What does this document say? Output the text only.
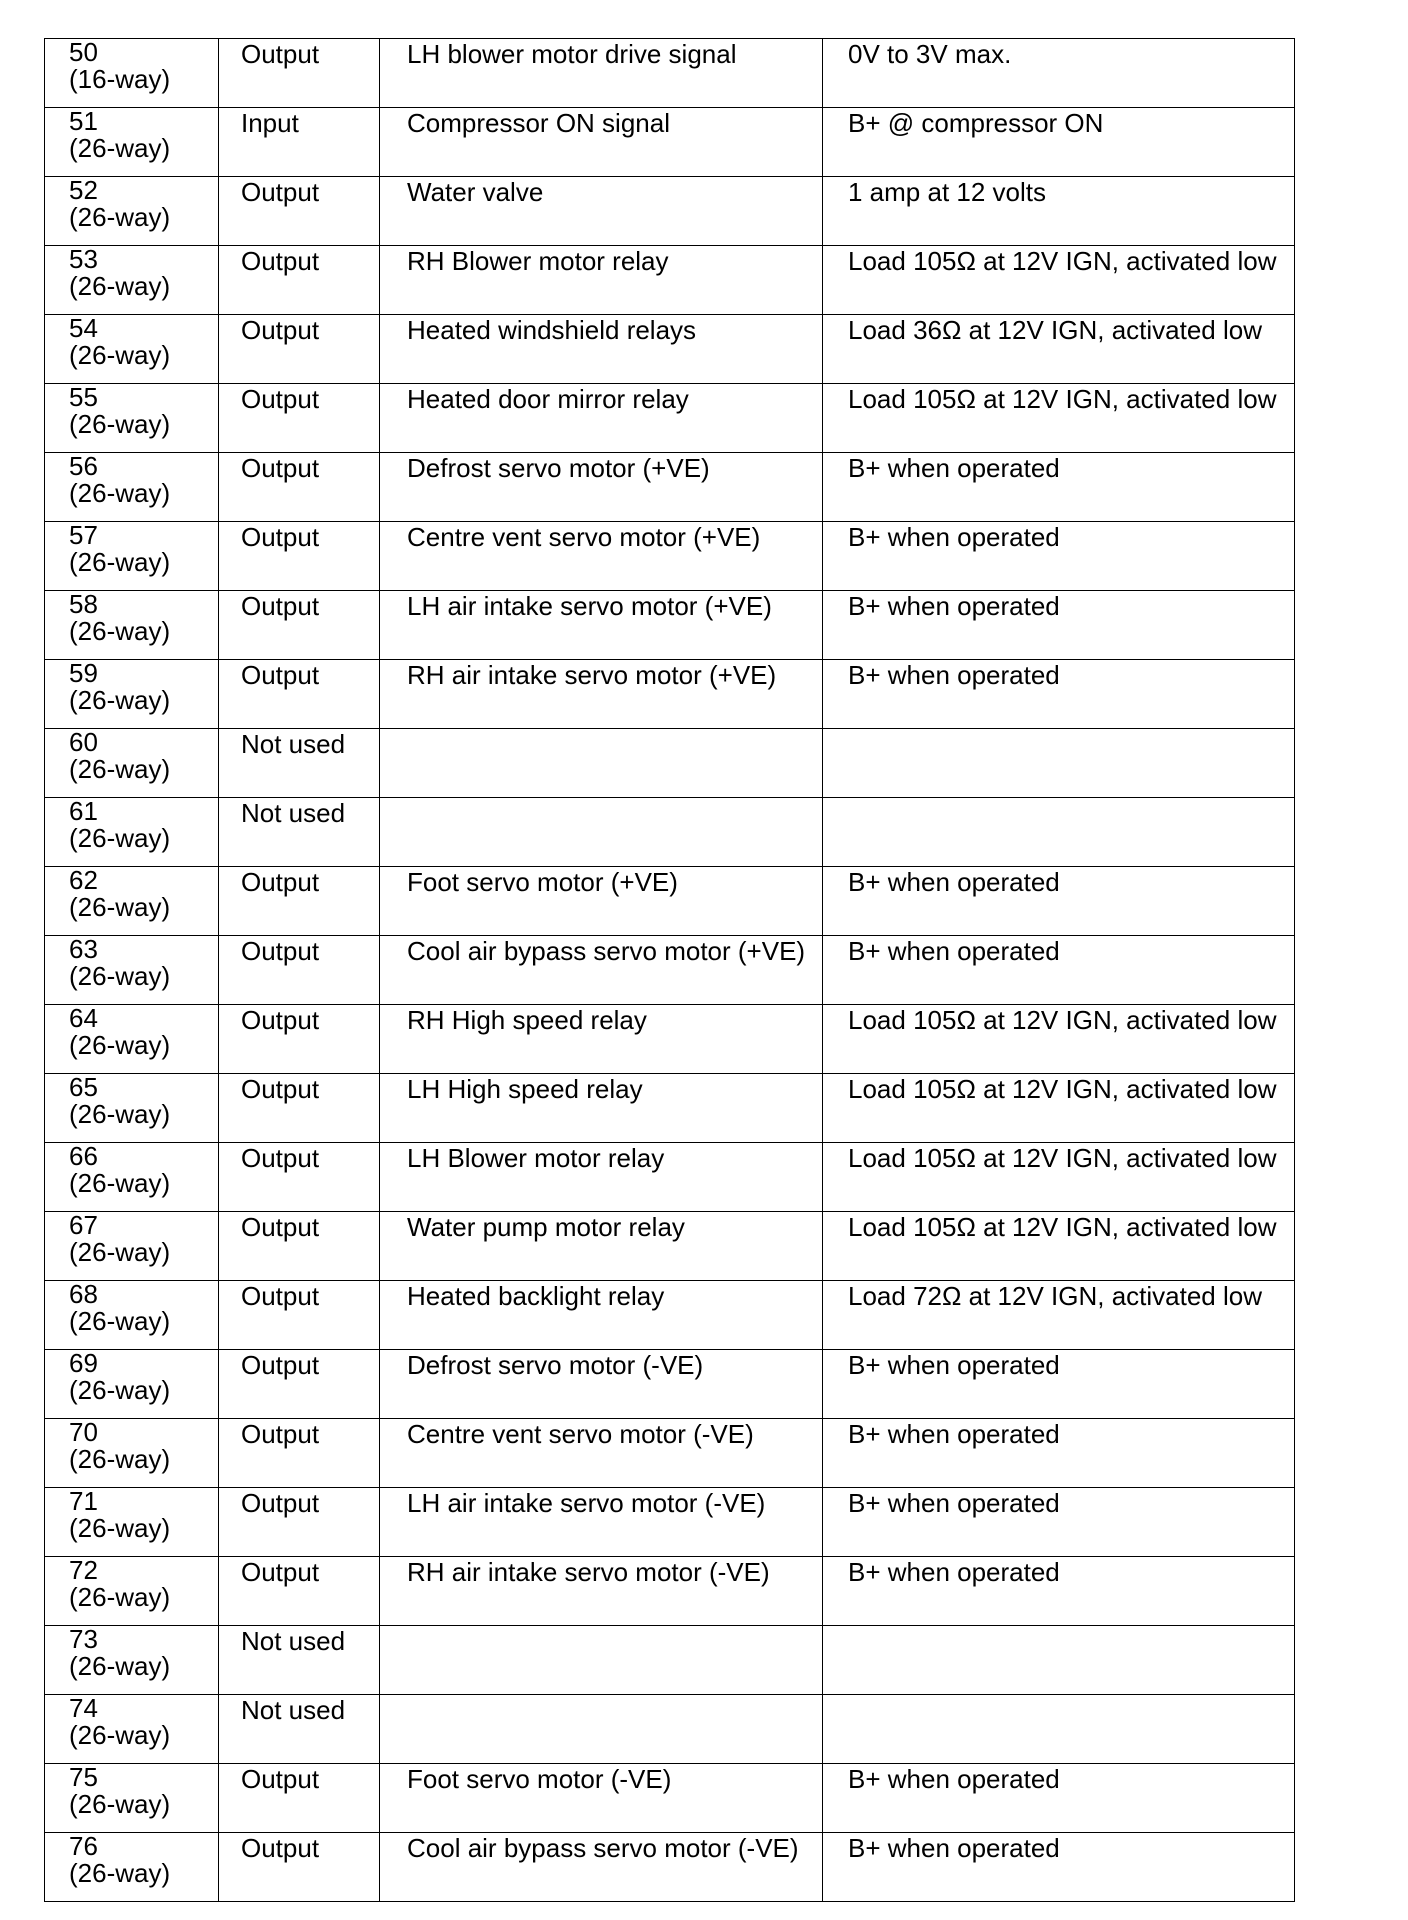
50
(16-way)	Output	LH blower motor drive signal	0V to 3V max.

51
(26-way)	Input	Compressor ON signal	B+ @ compressor ON

52
(26-way)	Output	Water valve	1 amp at 12 volts

53
(26-way)	Output	RH Blower motor relay	Load 105Ω at 12V IGN, activated low

54
(26-way)	Output	Heated windshield relays	Load 36Ω at 12V IGN, activated low

55
(26-way)	Output	Heated door mirror relay	Load 105Ω at 12V IGN, activated low

56
(26-way)	Output	Defrost servo motor (+VE)	B+ when operated

57
(26-way)	Output	Centre vent servo motor (+VE)	B+ when operated

58
(26-way)	Output	LH air intake servo motor (+VE)	B+ when operated

59
(26-way)	Output	RH air intake servo motor (+VE)	B+ when operated

60
(26-way)	Not used		

61
(26-way)	Not used		

62
(26-way)	Output	Foot servo motor (+VE)	B+ when operated

63
(26-way)	Output	Cool air bypass servo motor (+VE)	B+ when operated

64
(26-way)	Output	RH High speed relay	Load 105Ω at 12V IGN, activated low

65
(26-way)	Output	LH High speed relay	Load 105Ω at 12V IGN, activated low

66
(26-way)	Output	LH Blower motor relay	Load 105Ω at 12V IGN, activated low

67
(26-way)	Output	Water pump motor relay	Load 105Ω at 12V IGN, activated low

68
(26-way)	Output	Heated backlight relay	Load 72Ω at 12V IGN, activated low

69
(26-way)	Output	Defrost servo motor (-VE)	B+ when operated

70
(26-way)	Output	Centre vent servo motor (-VE)	B+ when operated

71
(26-way)	Output	LH air intake servo motor (-VE)	B+ when operated

72
(26-way)	Output	RH air intake servo motor (-VE)	B+ when operated

73
(26-way)	Not used		

74
(26-way)	Not used		

75
(26-way)	Output	Foot servo motor (-VE)	B+ when operated

76
(26-way)	Output	Cool air bypass servo motor (-VE)	B+ when operated
